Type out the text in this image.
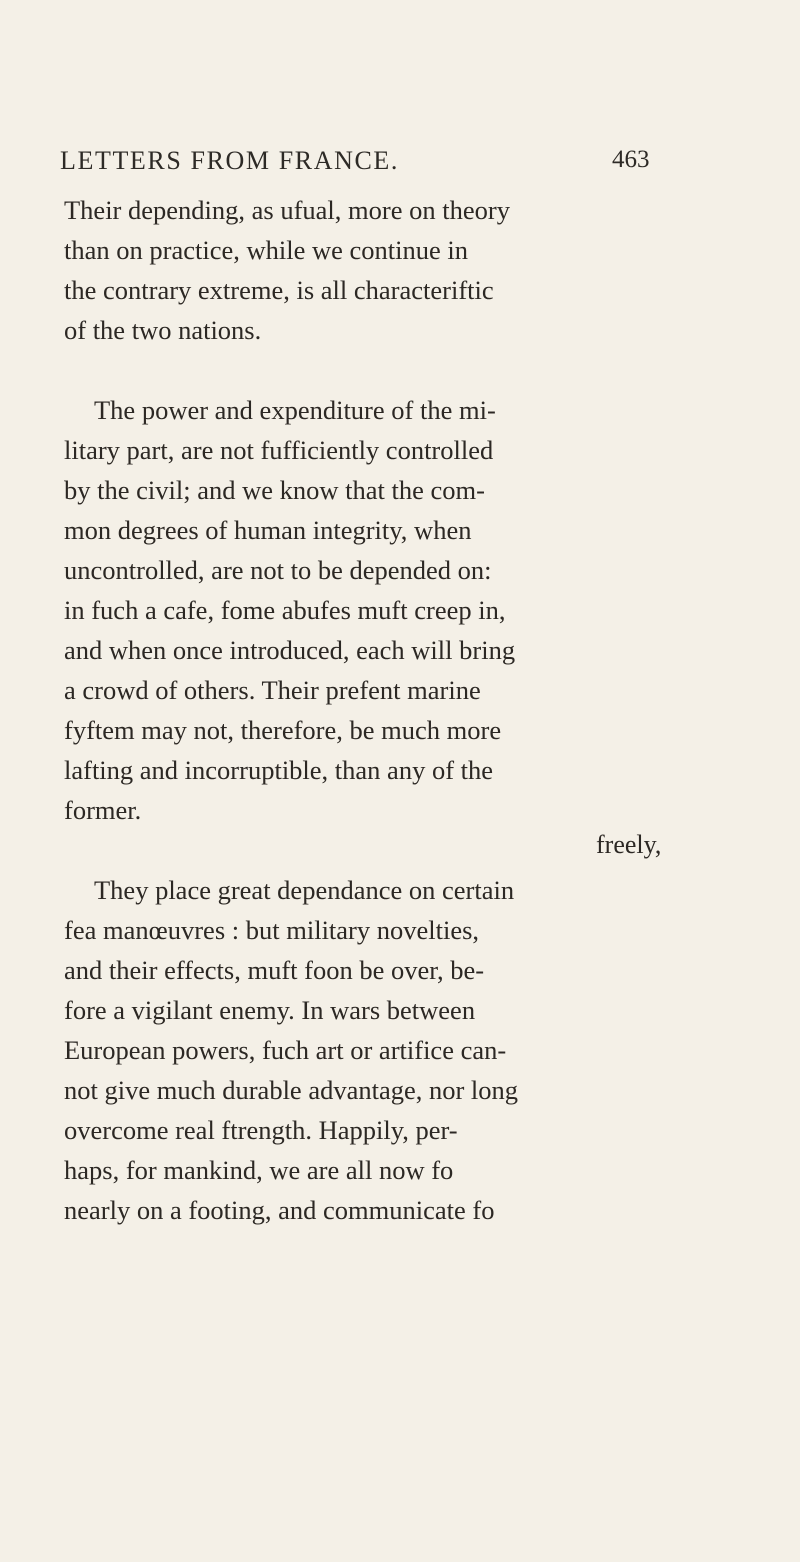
LETTERS FROM FRANCE.	463

Their depending, as ufual, more on theory
than on practice, while we continue in
the contrary extreme, is all characteriftic
of the two nations.

The power and expenditure of the mi-
litary part, are not fufficiently controlled
by the civil; and we know that the com-
mon degrees of human integrity, when
uncontrolled, are not to be depended on:
in fuch a cafe, fome abufes muft creep in,
and when once introduced, each will bring
a crowd of others. Their prefent marine
fyftem may not, therefore, be much more
lafting and incorruptible, than any of the
former.

They place great dependance on certain
fea manœuvres : but military novelties,
and their effects, muft foon be over, be-
fore a vigilant enemy. In wars between
European powers, fuch art or artifice can-
not give much durable advantage, nor long
overcome real ftrength. Happily, per-
haps, for mankind, we are all now fo
nearly on a footing, and communicate fo

freely,
